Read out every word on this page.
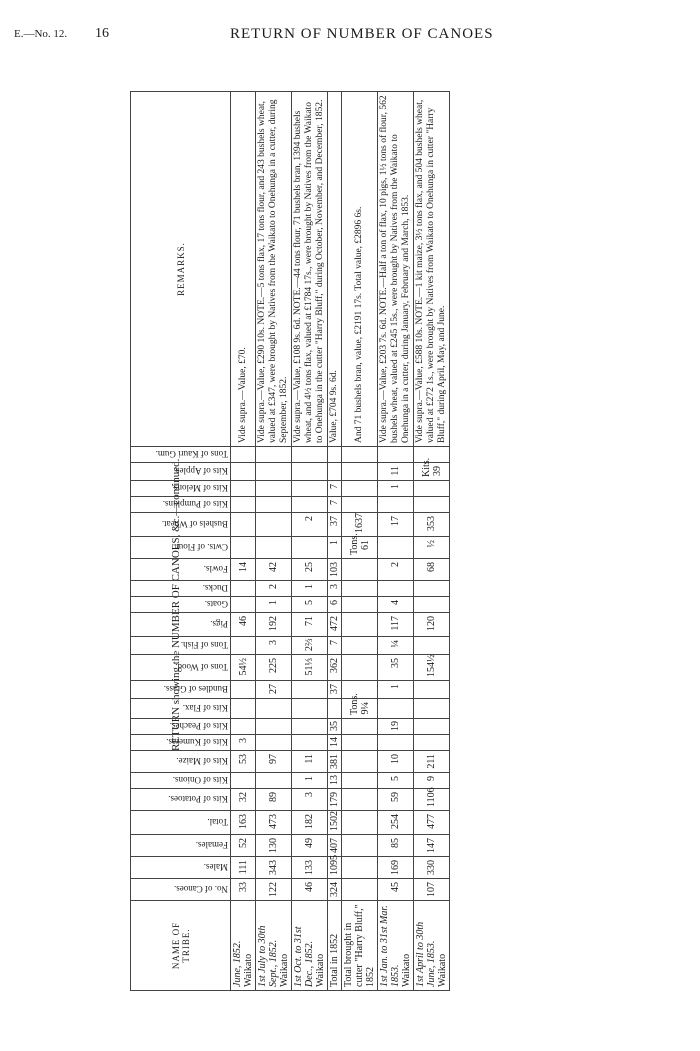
E.—No. 12. 16	RETURN OF NUMBER OF CANOES
RETURN showing the NUMBER OF CANOES, &c.—continued.
NAME OF TRIBE.	No. of Canoes.	Males.	Females.	Total.	Kits of Potatoes.	Kits of Onions.	Kits of Maize.	Kits of Kumeras.	Kits of Peaches.	Kits of Flax.	Bundles of Grass.	Tons of Wood.	Tons of Fish.	Pigs.	Goats.	Ducks.	Fowls.	Cwts. of Flour.	Bushels of Wheat.	Kits of Pumpkins.	Kits of Melons.	Kits of Apples.	Tons of Kauri Gum.	REMARKS.

June, 1852. Waikato	33	111	52	163	32		53	3				54½		46			14							Vide supra.—Value, £70.

1st July to 30th Sept., 1852. Waikato	122	343	130	473	89		97				27	225	3	192	1	2	42							Vide supra.—Value, £290 10s. NOTE.—5 tons flax, 17 tons flour, and 243 bushels wheat, valued at £347, were brought by Natives from the Waikato to Onehunga in a cutter, during September, 1852.

1st Oct. to 31st Dec., 1852. Waikato	46	133	49	182	3	1	11					51⅓	2⅔	71	5	1	25		2					Vide supra.—Value, £108 9s. 6d. NOTE.—44 tons flour, 71 bushels bran, 1394 bushels wheat, and 4½ tons flax, valued at £1784 17s., were brought by Natives from the Waikato to Onehunga in the cutter "Harry Bluff," during October, November, and December, 1852.

Total in 1852	324	1095	407	1502	179	13	381	14	35		37	362	7	472	6	3	103	1	37	7	7			Value, £704 9s. 6d.

Total brought in cutter "Harry Bluff," 1852										Tons. 9¼								Tons. 61	1637					And 71 bushels bran, value, £2191 17s. Total value, £2896 6s.

1st Jan. to 31st Mar. 1853. Waikato	45	169	85	254	59	5	10		19		1	35	¼	117	4		2		17		1	11		Vide supra.—Value, £203 7s. 6d. NOTE.—Half a ton of flax, 10 pigs, 1½ tons of flour, 562 bushels wheat, valued at £245 15s., were brought by Natives from the Waikato to Onehunga in a cutter, during January, February and March, 1853.

1st April to 30th June, 1853. Waikato	107	330	147	477	1106	9	211					154½		120			68	½	353			Kits. 39		Vide supra.—Value, £588 10s. NOTE.—1 kit maize, 3½ tons flax, and 504 bushels wheat, valued at £272 1s., were brought by Natives from Waikato to Onehunga in cutter "Harry Bluff," during April, May, and June.
